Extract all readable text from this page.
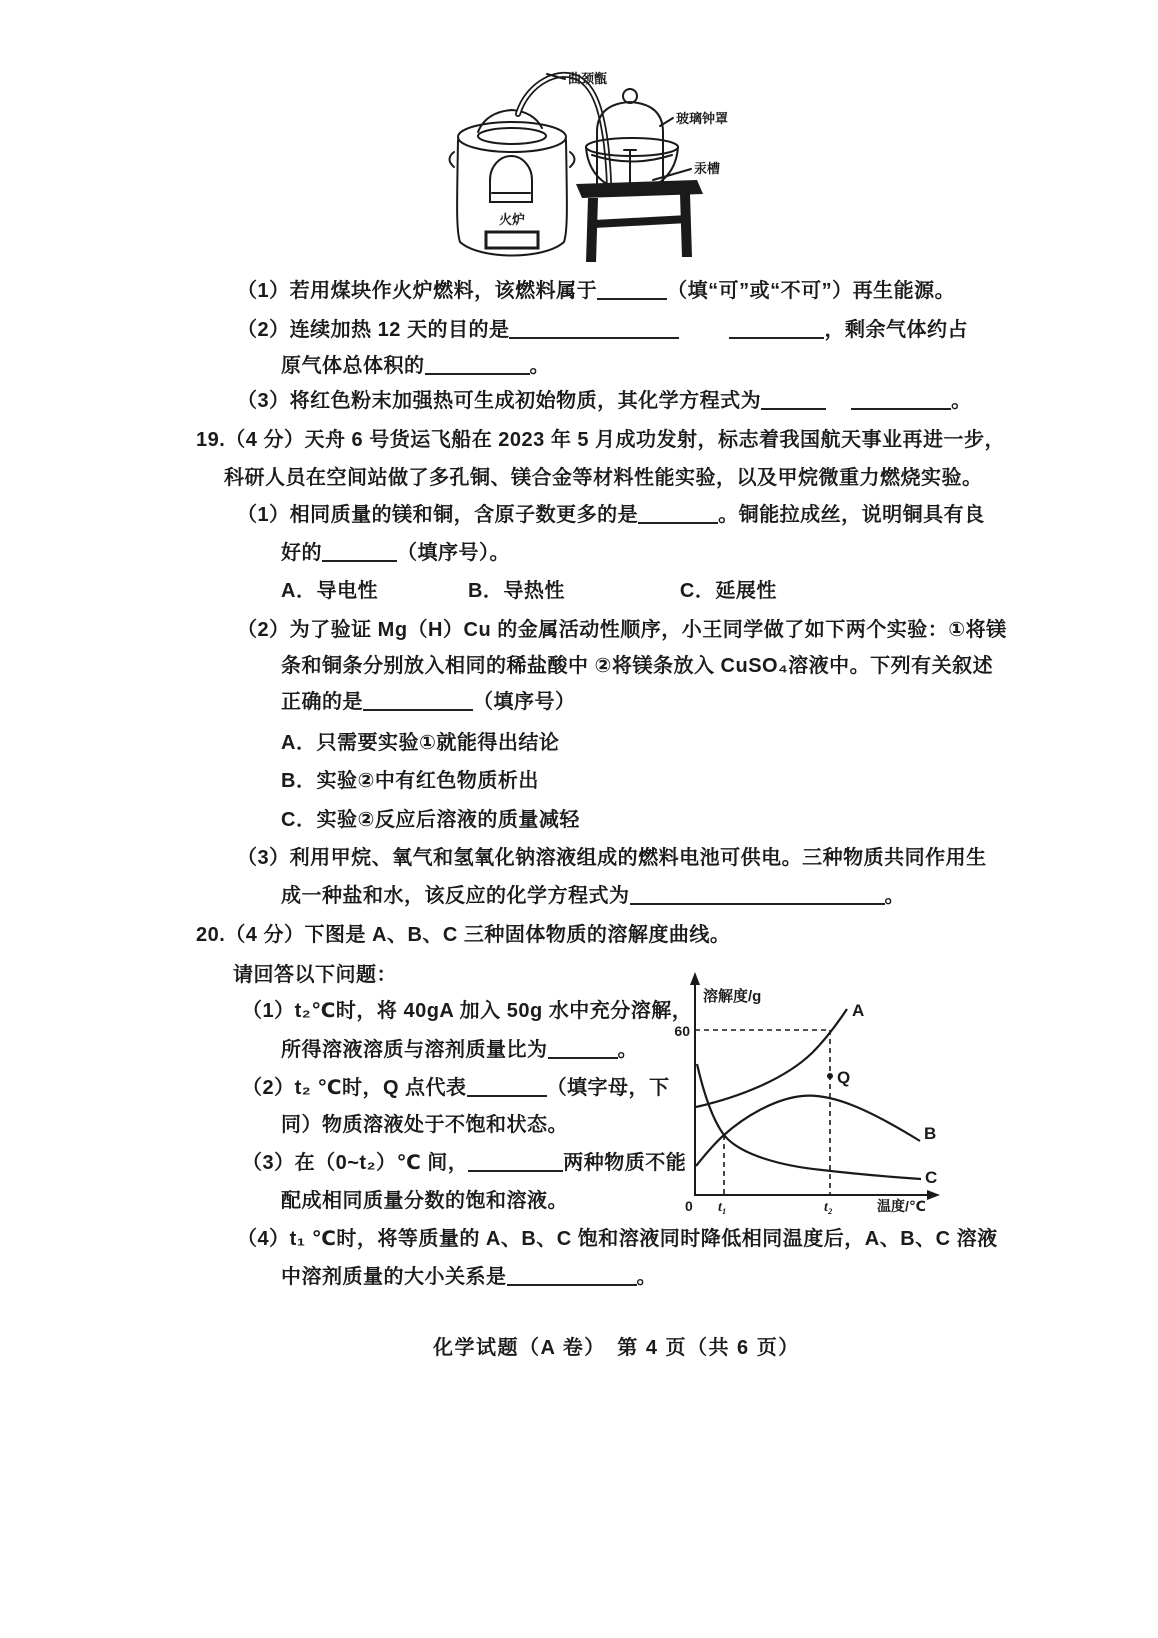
曲颈甑
玻璃钟罩
汞槽
火炉
（1）若用煤块作火炉燃料，该燃料属于	（填“可”或“不可”）再生能源。
（2）连续加热 12 天的目的是	，剩余气体约占
原气体总体积的	。
（3）将红色粉末加强热可生成初始物质，其化学方程式为	。
19.（4 分）天舟 6 号货运飞船在 2023 年 5 月成功发射，标志着我国航天事业再进一步，
科研人员在空间站做了多孔铜、镁合金等材料性能实验，以及甲烷微重力燃烧实验。
（1）相同质量的镁和铜，含原子数更多的是	。铜能拉成丝，说明铜具有良
好的	（填序号）。
A．导电性	B．导热性	C．延展性
（2）为了验证 Mg（H）Cu 的金属活动性顺序，小王同学做了如下两个实验：①将镁
条和铜条分别放入相同的稀盐酸中 ②将镁条放入 CuSO₄溶液中。下列有关叙述
正确的是	（填序号）
A．只需要实验①就能得出结论
B．实验②中有红色物质析出
C．实验②反应后溶液的质量减轻
（3）利用甲烷、氧气和氢氧化钠溶液组成的燃料电池可供电。三种物质共同作用生
成一种盐和水，该反应的化学方程式为	。
20.（4 分）下图是 A、B、C 三种固体物质的溶解度曲线。
请回答以下问题：
（1）t₂℃时，将 40gA 加入 50g 水中充分溶解，
所得溶液溶质与溶剂质量比为	。
（2）t₂ ℃时，Q 点代表	（填字母，下
同）物质溶液处于不饱和状态。
（3）在（0~t₂）℃ 间，	两种物质不能
配成相同质量分数的饱和溶液。
（4）t₁ ℃时，将等质量的 A、B、C 饱和溶液同时降低相同温度后，A、B、C 溶液
中溶剂质量的大小关系是	。
溶解度/g
60
A
B
C
Q
0 t₁	t₂	温度/℃
化学试题（A 卷）　第 4 页（共 6 页）
